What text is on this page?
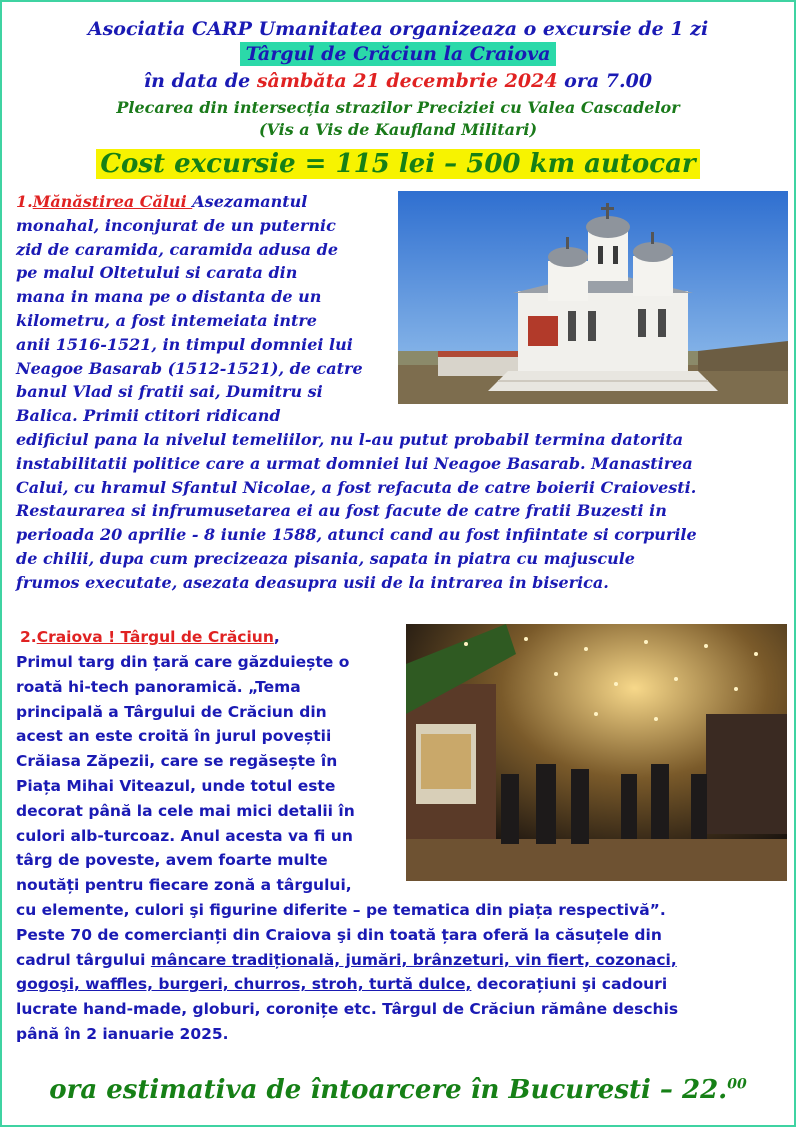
Asociatia CARP Umanitatea organizeaza o excursie de 1 zi
Târgul de Crăciun la Craiova
în data de sâmbăta 21 decembrie 2024 ora 7.00
Plecarea din intersecția strazilor Preciziei cu Valea Cascadelor
(Vis a Vis de Kaufland Militari)
Cost excursie = 115 lei – 500 km autocar
1.Mănăstirea Călui Asezamantul
monahal, inconjurat de un puternic
zid de caramida, caramida adusa de
pe malul Oltetului si carata din
mana in mana pe o distanta de un
kilometru, a fost intemeiata intre
anii 1516-1521, in timpul domniei lui
Neagoe Basarab (1512-1521), de catre
banul Vlad si fratii sai, Dumitru si
Balica. Primii ctitori ridicand
edificiul pana la nivelul temeliilor, nu l-au putut probabil termina datorita
instabilitatii politice care a urmat domniei lui Neagoe Basarab. Manastirea
Calui, cu hramul Sfantul Nicolae, a fost refacuta de catre boierii Craiovesti.
Restaurarea si infrumusetarea ei au fost facute de catre fratii Buzesti in
perioada 20 aprilie - 8 iunie 1588, atunci cand au fost infiintate si corpurile
de chilii, dupa cum precizeaza pisania, sapata in piatra cu majuscule
frumos executate, asezata deasupra usii de la intrarea in biserica.
2.Craiova ! Târgul de Crăciun,
Primul targ din țară care găzduiește o
roată hi-tech panoramică. „Tema
principală a Târgului de Crăciun din
acest an este croită în jurul poveștii
Crăiasa Zăpezii, care se regăsește în
Piața Mihai Viteazul, unde totul este
decorat până la cele mai mici detalii în
culori alb-turcoaz. Anul acesta va fi un
târg de poveste, avem foarte multe
noutăți pentru fiecare zonă a târgului,
cu elemente, culori şi figurine diferite – pe tematica din piața respectivă”.
Peste 70 de comercianți din Craiova şi din toată țara oferă la căsuțele din
cadrul târgului mâncare tradițională, jumări, brânzeturi, vin fiert, cozonaci,
gogoşi, waffles, burgeri, churros, stroh, turtă dulce, decorațiuni şi cadouri
lucrate hand-made, globuri, coronițe etc. Târgul de Crăciun rămâne deschis
până în 2 ianuarie 2025.
ora estimativa de întoarcere în Bucuresti – 22.00
